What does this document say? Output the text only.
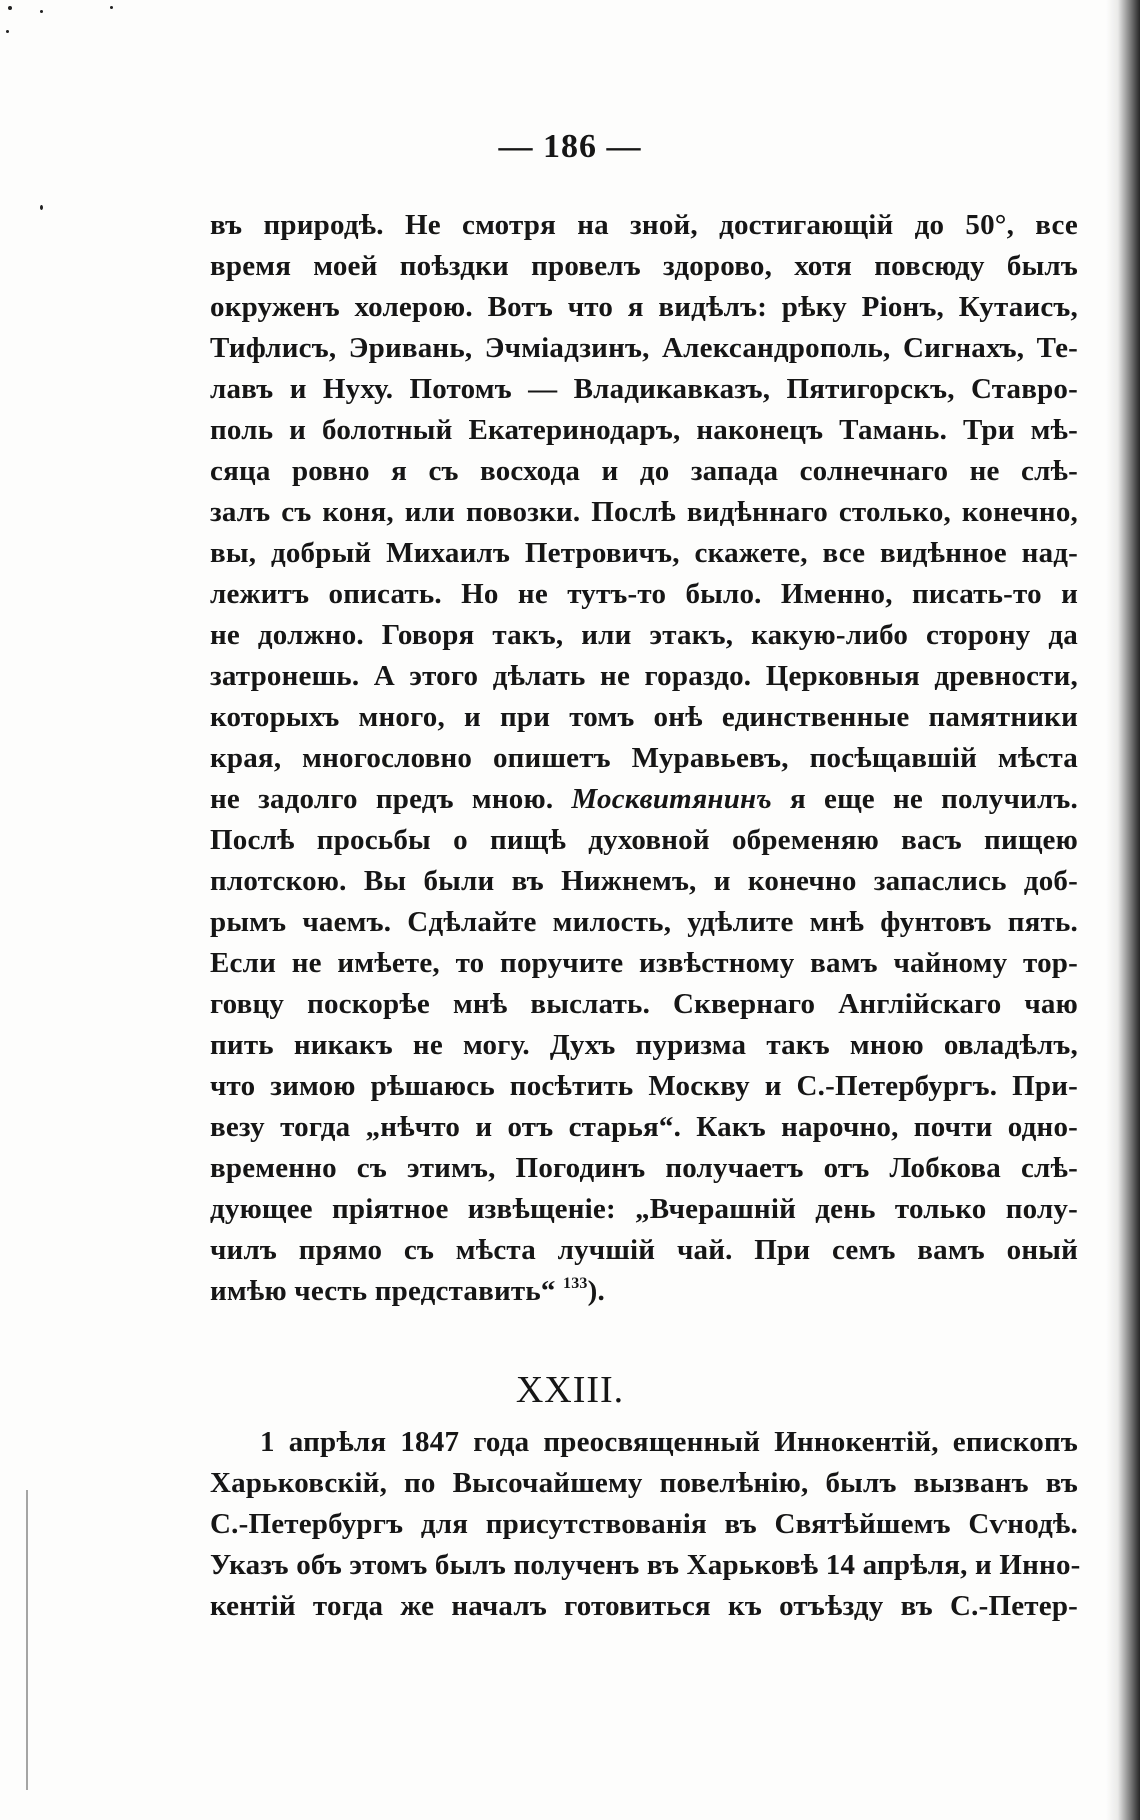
— 186 —
въ природѣ. Не смотря на зной, достигающій до 50°, все
время моей поѣздки провелъ здорово, хотя повсюду былъ
окруженъ холерою. Вотъ что я видѣлъ: рѣку Ріонъ, Кутаисъ,
Тифлисъ, Эривань, Эчміадзинъ, Александрополь, Сигнахъ, Те-
лавъ и Нуху. Потомъ — Владикавказъ, Пятигорскъ, Ставро-
поль и болотный Екатеринодаръ, наконецъ Тамань. Три мѣ-
сяца ровно я съ восхода и до запада солнечнаго не слѣ-
залъ съ коня, или повозки. Послѣ видѣннаго столько, конечно,
вы, добрый Михаилъ Петровичъ, скажете, все видѣнное над-
лежитъ описать. Но не тутъ-то было. Именно, писать-то и
не должно. Говоря такъ, или этакъ, какую-либо сторону да
затронешь. А этого дѣлать не гораздо. Церковныя древности,
которыхъ много, и при томъ онѣ единственные памятники
края, многословно опишетъ Муравьевъ, посѣщавшій мѣста
не задолго предъ мною. Москвитянинъ я еще не получилъ.
Послѣ просьбы о пищѣ духовной обременяю васъ пищею
плотскою. Вы были въ Нижнемъ, и конечно запаслись доб-
рымъ чаемъ. Сдѣлайте милость, удѣлите мнѣ фунтовъ пять.
Если не имѣете, то поручите извѣстному вамъ чайному тор-
говцу поскорѣе мнѣ выслать. Сквернаго Англійскаго чаю
пить никакъ не могу. Духъ пуризма такъ мною овладѣлъ,
что зимою рѣшаюсь посѣтить Москву и С.-Петербургъ. При-
везу тогда „нѣчто и отъ старья“. Какъ нарочно, почти одно-
временно съ этимъ, Погодинъ получаетъ отъ Лобкова слѣ-
дующее пріятное извѣщеніе: „Вчерашній день только полу-
чилъ прямо съ мѣста лучшій чай. При семъ вамъ оный
имѣю честь представить“ $^{133}$).
XXIII.
1 апрѣля 1847 года преосвященный Иннокентій, епископъ
Харьковскій, по Высочайшему повелѣнію, былъ вызванъ въ
С.-Петербургъ для присутствованія въ Святѣйшемъ Сѵнодѣ.
Указъ объ этомъ былъ полученъ въ Харьковѣ 14 апрѣля, и Инно-
кентій тогда же началъ готовиться къ отъѣзду въ С.-Петер-
